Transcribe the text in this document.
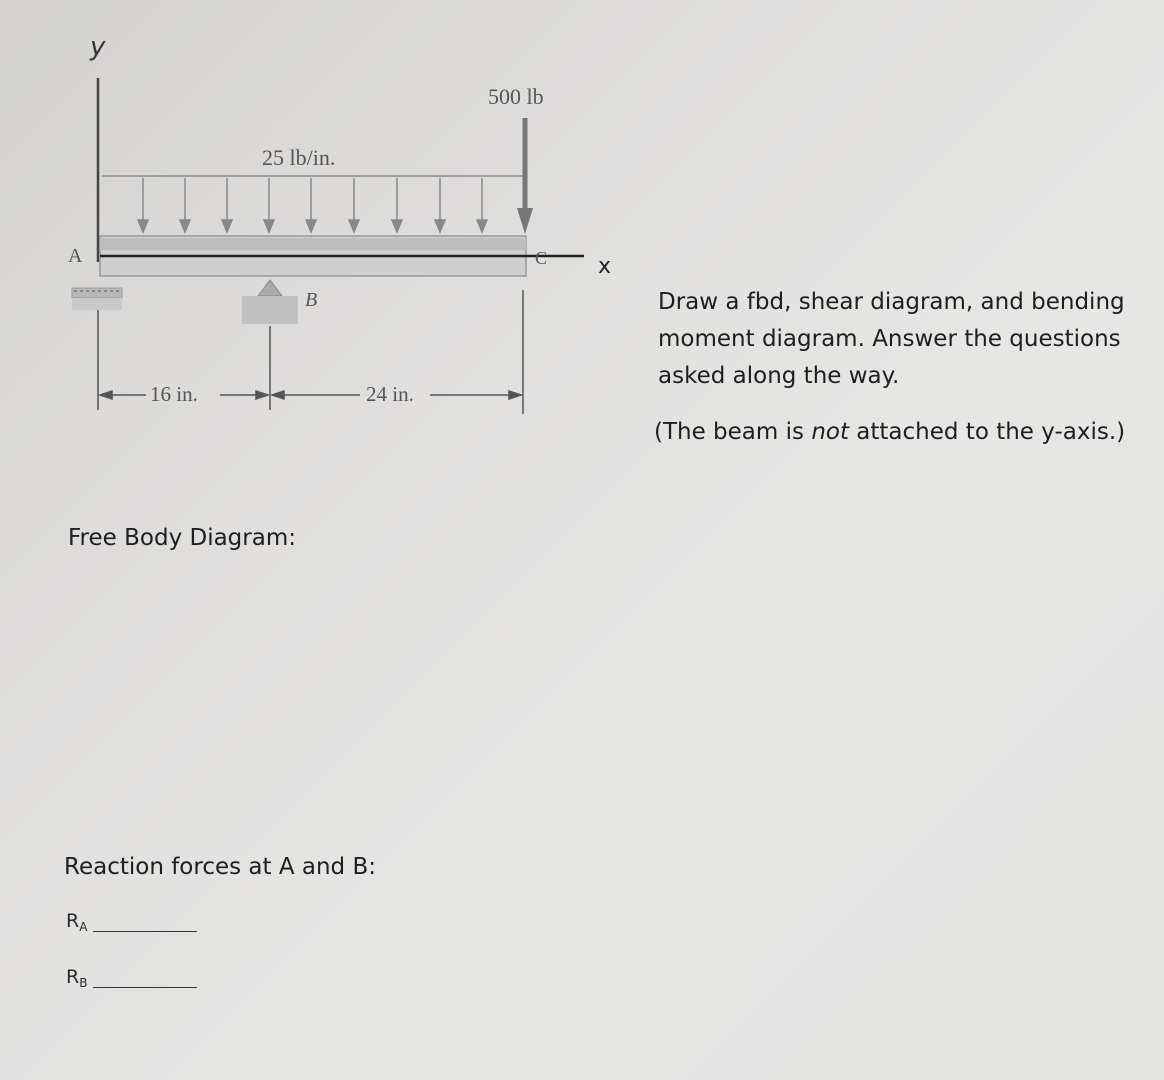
y
25 lb/in.
500 lb
A	C x
B
16 in.	24 in.
Draw a fbd, shear diagram, and bending
moment diagram. Answer the questions
asked along the way.
(The beam is not attached to the y-axis.)
Free Body Diagram:
Reaction forces at A and B:
R A
R B
